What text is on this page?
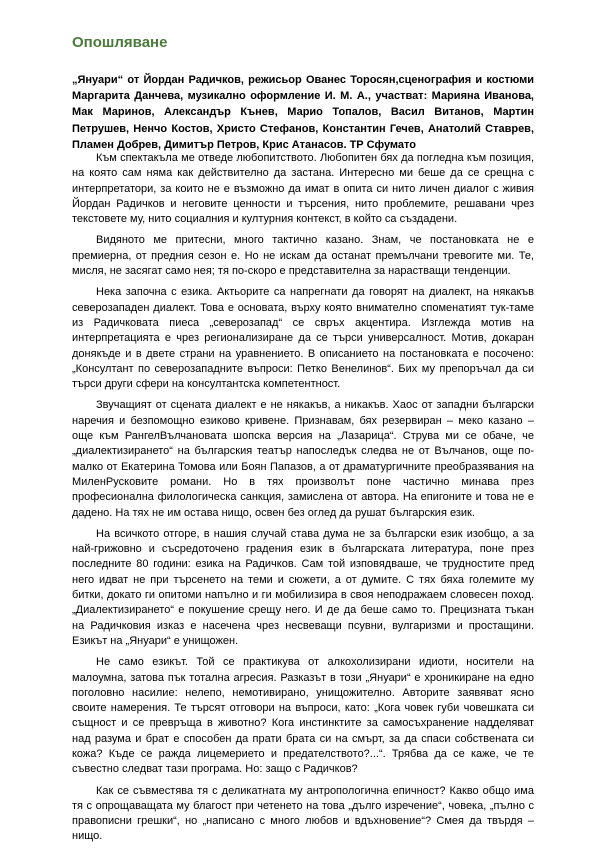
Опошляване

„Януари“ от Йордан Радичков, режисьор Ованес Торосян,сценография и костюми Маргарита Данчева, музикално оформление И. М. А., участват: Марияна Иванова, Мак Маринов, Александър Кънев, Марио Топалов, Васил Витанов, Мартин Петрушев, Ненчо Костов, Христо Стефанов, Константин Гечев, Анатолий Ставрев, Пламен Добрев, Димитър Петров, Крис Атанасов. ТР Сфумато

Към спектакъла ме отведе любопитството. Любопитен бях да погледна към позиция, на която сам няма как действително да застана. Интересно ми беше да се срещна с интерпретатори, за които не е възможно да имат в опита си нито личен диалог с живия Йордан Радичков и неговите ценности и търсения, нито проблемите, решавани чрез текстовете му, нито социалния и културния контекст, в който са създадени.

Видяното ме притесни, много тактично казано. Знам, че постановката не е премиерна, от предния сезон е. Но не искам да останат премълчани тревогите ми. Те, мисля, не засягат само нея; тя по-скоро е представителна за нарастващи тенденции.

Нека започна с езика. Актьорите са напрегнати да говорят на диалект, на някакъв северозападен диалект. Това е основата, върху която внимателно споменатият тук-таме из Радичковата пиеса „северозапад“ се свръх акцентира. Изглежда мотив на интерпретацията е чрез регионализиране да се търси универсалност. Мотив, докаран донякъде и в двете страни на уравнението. В описанието на постановката е посочено: „Консултант по северозападните въпроси: Петко Венелинов“. Бих му препоръчал да си търси други сфери на консултантска компетентност.

Звучащият от сцената диалект е не някакъв, а никакъв. Хаос от западни български наречия и безпомощно езиково кривене. Признавам, бях резервиран – меко казано – още към РангелВълчановата шопска версия на „Лазарица“. Струва ми се обаче, че „диалектизирането“ на българския театър напоследък следва не от Вълчанов, още по-малко от Екатерина Томова или Боян Папазов, а от драматургичните преобразявания на МиленРусковите романи. Но в тях произволът поне частично минава през професионална филологическа санкция, замислена от автора. На епигоните и това не е дадено. На тях не им остава нищо, освен без оглед да рушат българския език.

На всичкото отгоре, в нашия случай става дума не за български език изобщо, а за най-грижовно и съсредоточено градения език в българската литература, поне през последните 80 години: езика на Радичков. Сам той изповядваше, че трудностите пред него идват не при търсенето на теми и сюжети, а от думите. С тях бяха големите му битки, докато ги опитоми напълно и ги мобилизира в своя неподражаем словесен поход. „Диалектизирането“ е покушение срещу него. И де да беше само то. Прецизната тъкан на Радичковия изказ е насечена чрез несвеващи псувни, вулгаризми и простащини. Езикът на „Януари“ е унищожен.

Не само езикът. Той се практикува от алкохолизирани идиоти, носители на малоумна, затова пък тотална агресия. Разказът в този „Януари“ е хроникиране на едно поголовно насилие: нелепо, немотивирано, унищожително. Авторите заявяват ясно своите намерения. Те търсят отговори на въпроси, като: „Кога човек губи човешката си същност и се превръща в животно? Кога инстинктите за самосъхранение надделяват над разума и брат е способен да прати брата си на смърт, за да спаси собствената си кожа? Къде се ражда лицемерието и предателството?...“. Трябва да се каже, че те съвестно следват тази програма. Но: защо с Радичков?

Как се съвместява тя с деликатната му антропологична епичност? Какво общо има тя с опрощаващата му благост при четенето на това „дълго изречение“, човека, „пълно с правописни грешки“, но „написано с много любов и вдъхновение“? Смея да твърдя – нищо.
